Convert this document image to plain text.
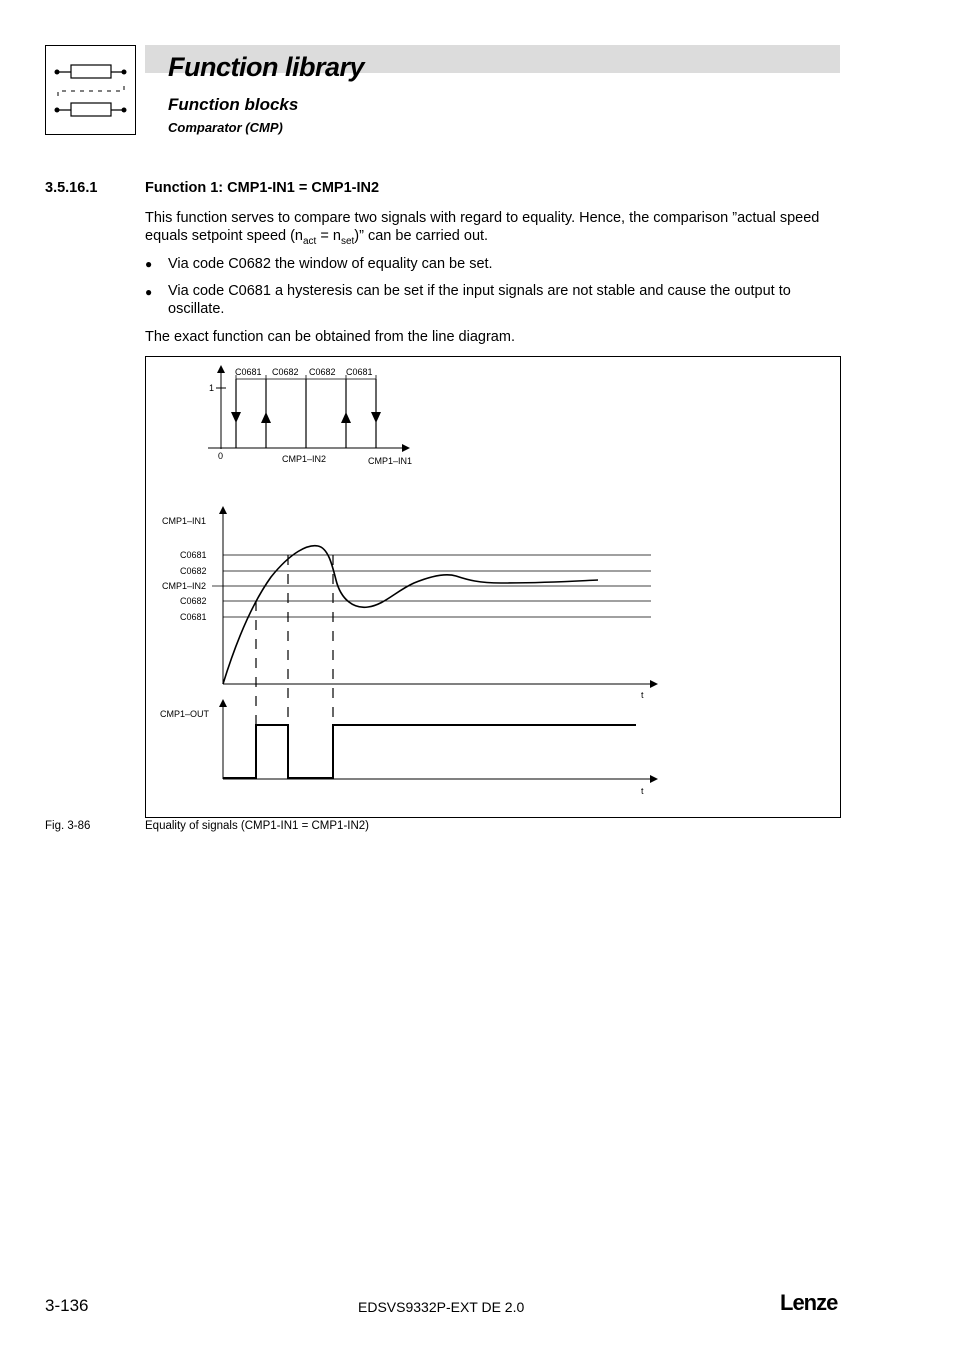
Function library
Function blocks
Comparator (CMP)
3.5.16.1	Function 1: CMP1-IN1 = CMP1-IN2
This function serves to compare two signals with regard to equality. Hence, the comparison ”actual speed equals setpoint speed $(n_{act} = n_{set})$” can be carried out.
● Via code C0682 the window of equality can be set.
● Via code C0681 a hysteresis can be set if the input signals are not stable and cause the output to oscillate.
The exact function can be obtained from the line diagram.
1
0
C0681 C0682 C0682 C0681
CMP1–IN2	CMP1–IN1
CMP1–IN1
C0681
C0682
CMP1–IN2
C0682
C0681
t
CMP1–OUT
t
Fig. 3-86	Equality of signals (CMP1-IN1 = CMP1-IN2)
3-136	EDSVS9332P-EXT DE 2.0	Lenze
